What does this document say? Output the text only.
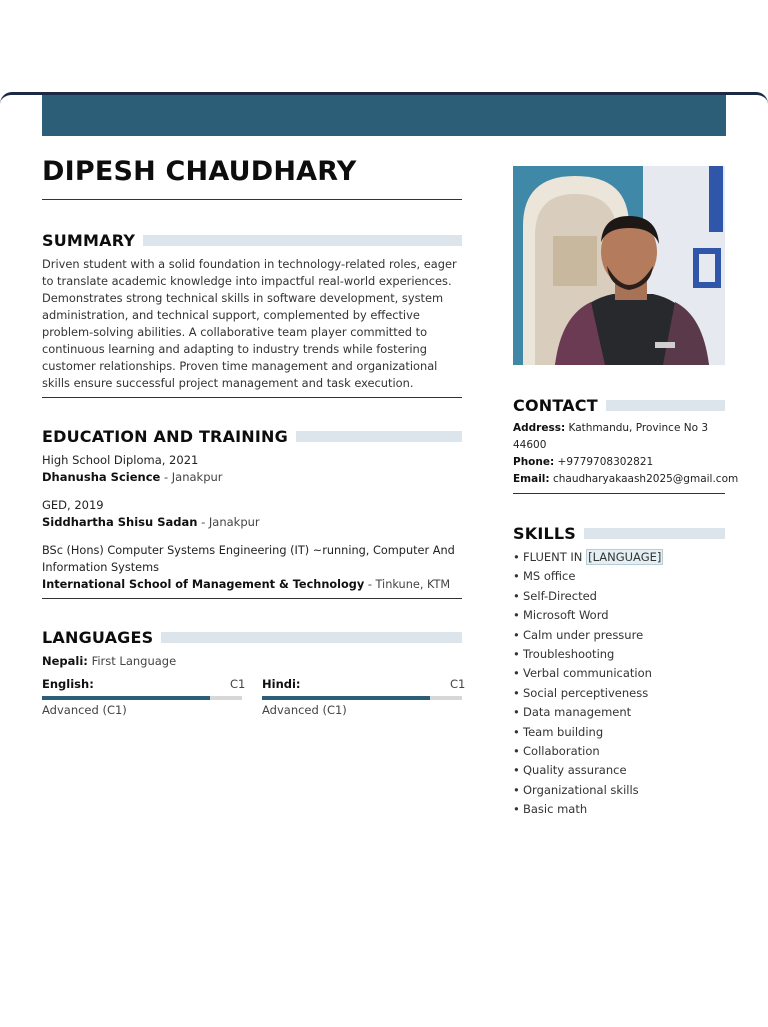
DIPESH CHAUDHARY
SUMMARY
Driven student with a solid foundation in technology-related roles, eager
to translate academic knowledge into impactful real-world experiences.
Demonstrates strong technical skills in software development, system
administration, and technical support, complemented by effective
problem-solving abilities. A collaborative team player committed to
continuous learning and adapting to industry trends while fostering
customer relationships. Proven time management and organizational
skills ensure successful project management and task execution.
EDUCATION AND TRAINING
High School Diploma, 2021
Dhanusha Science - Janakpur
GED, 2019
Siddhartha Shisu Sadan - Janakpur
BSc (Hons) Computer Systems Engineering (IT) ~running, Computer And
Information Systems
International School of Management & Technology - Tinkune, KTM
LANGUAGES
Nepali: First Language
English:	C1
Advanced (C1)
Hindi:	C1
Advanced (C1)
CONTACT
Address: Kathmandu, Province No 3
44600
Phone: +9779708302821
Email: chaudharyakaash2025@gmail.com
SKILLS
• FLUENT IN [LANGUAGE]
• MS office
• Self-Directed
• Microsoft Word
• Calm under pressure
• Troubleshooting
• Verbal communication
• Social perceptiveness
• Data management
• Team building
• Collaboration
• Quality assurance
• Organizational skills
• Basic math
